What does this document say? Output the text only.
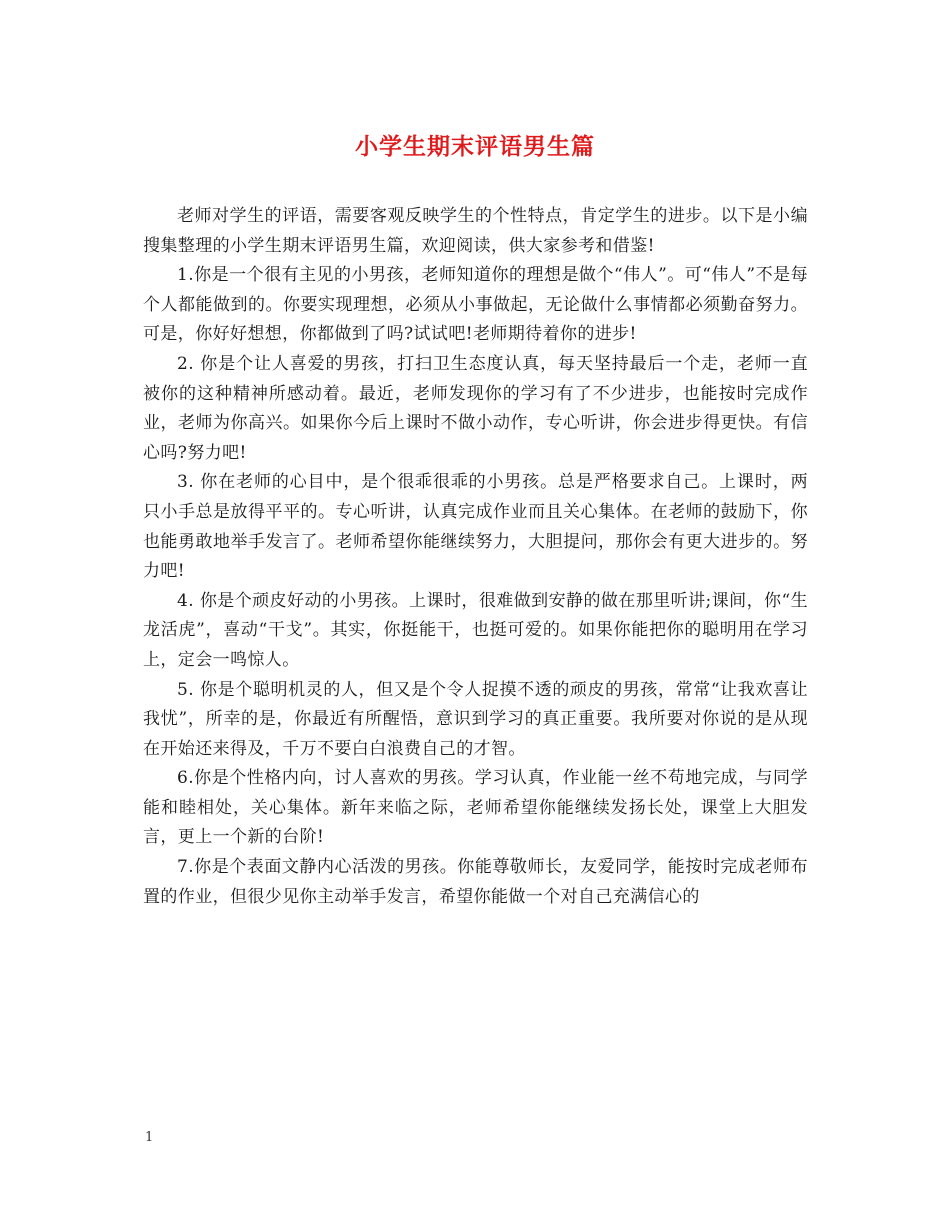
小学生期末评语男生篇

老师对学生的评语，需要客观反映学生的个性特点，肯定学生的进步。以下是小编搜集整理的小学生期末评语男生篇，欢迎阅读，供大家参考和借鉴!

1.你是一个很有主见的小男孩，老师知道你的理想是做个“伟人”。可“伟人”不是每个人都能做到的。你要实现理想，必须从小事做起，无论做什么事情都必须勤奋努力。可是，你好好想想，你都做到了吗?试试吧!老师期待着你的进步!

2. 你是个让人喜爱的男孩，打扫卫生态度认真，每天坚持最后一个走，老师一直被你的这种精神所感动着。最近，老师发现你的学习有了不少进步，也能按时完成作业，老师为你高兴。如果你今后上课时不做小动作，专心听讲，你会进步得更快。有信心吗?努力吧!

3. 你在老师的心目中，是个很乖很乖的小男孩。总是严格要求自己。上课时，两只小手总是放得平平的。专心听讲，认真完成作业而且关心集体。在老师的鼓励下，你也能勇敢地举手发言了。老师希望你能继续努力，大胆提问，那你会有更大进步的。努力吧!

4. 你是个顽皮好动的小男孩。上课时，很难做到安静的做在那里听讲;课间，你“生龙活虎”，喜动“干戈”。其实，你挺能干，也挺可爱的。如果你能把你的聪明用在学习上，定会一鸣惊人。

5. 你是个聪明机灵的人，但又是个令人捉摸不透的顽皮的男孩，常常“让我欢喜让我忧”，所幸的是，你最近有所醒悟，意识到学习的真正重要。我所要对你说的是从现在开始还来得及，千万不要白白浪费自己的才智。

6.你是个性格内向，讨人喜欢的男孩。学习认真，作业能一丝不苟地完成，与同学能和睦相处，关心集体。新年来临之际，老师希望你能继续发扬长处，课堂上大胆发言，更上一个新的台阶!

7.你是个表面文静内心活泼的男孩。你能尊敬师长，友爱同学，能按时完成老师布置的作业，但很少见你主动举手发言，希望你能做一个对自己充满信心的

1
